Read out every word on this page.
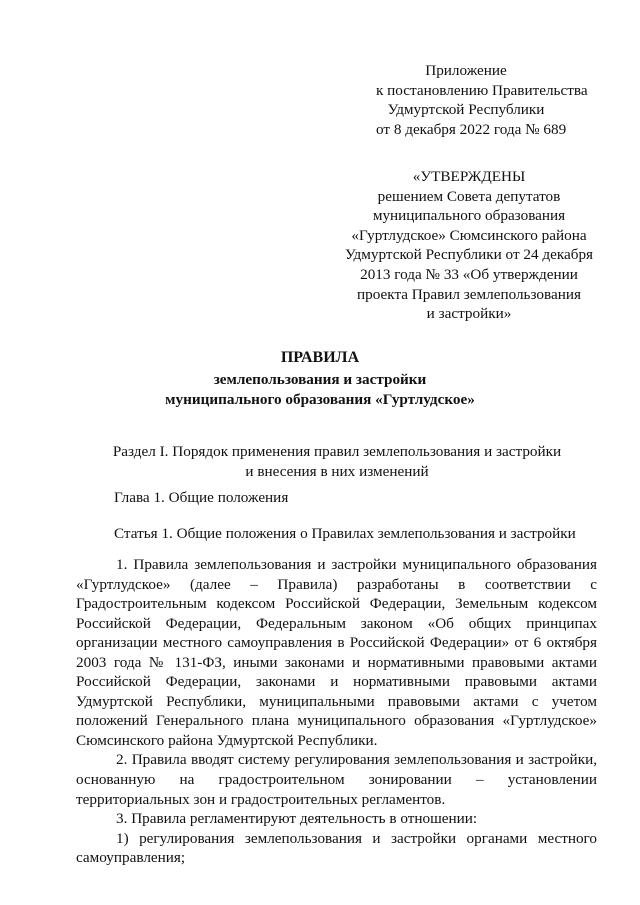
Приложение
к постановлению Правительства
Удмуртской Республики
от 8 декабря 2022 года № 689
«УТВЕРЖДЕНЫ
решением Совета депутатов
муниципального образования
«Гуртлудское» Сюмсинского района
Удмуртской Республики от 24 декабря
2013 года № 33 «Об утверждении
проекта Правил землепользования
и застройки»
ПРАВИЛА
землепользования и застройки
муниципального образования «Гуртлудское»
Раздел I. Порядок применения правил землепользования и застройки
и внесения в них изменений
Глава 1. Общие положения
Статья 1. Общие положения о Правилах землепользования и застройки
1. Правила землепользования и застройки муниципального образования
«Гуртлудское» (далее – Правила) разработаны в соответствии с
Градостроительным кодексом Российской Федерации, Земельным кодексом
Российской Федерации, Федеральным законом «Об общих принципах
организации местного самоуправления в Российской Федерации» от 6 октября
2003 года № 131-ФЗ, иными законами и нормативными правовыми актами
Российской Федерации, законами и нормативными правовыми актами
Удмуртской Республики, муниципальными правовыми актами с учетом
положений Генерального плана муниципального образования «Гуртлудское»
Сюмсинского района Удмуртской Республики.
2. Правила вводят систему регулирования землепользования и застройки,
основанную на градостроительном зонировании – установлении
территориальных зон и градостроительных регламентов.
3. Правила регламентируют деятельность в отношении:
1) регулирования землепользования и застройки органами местного
самоуправления;
